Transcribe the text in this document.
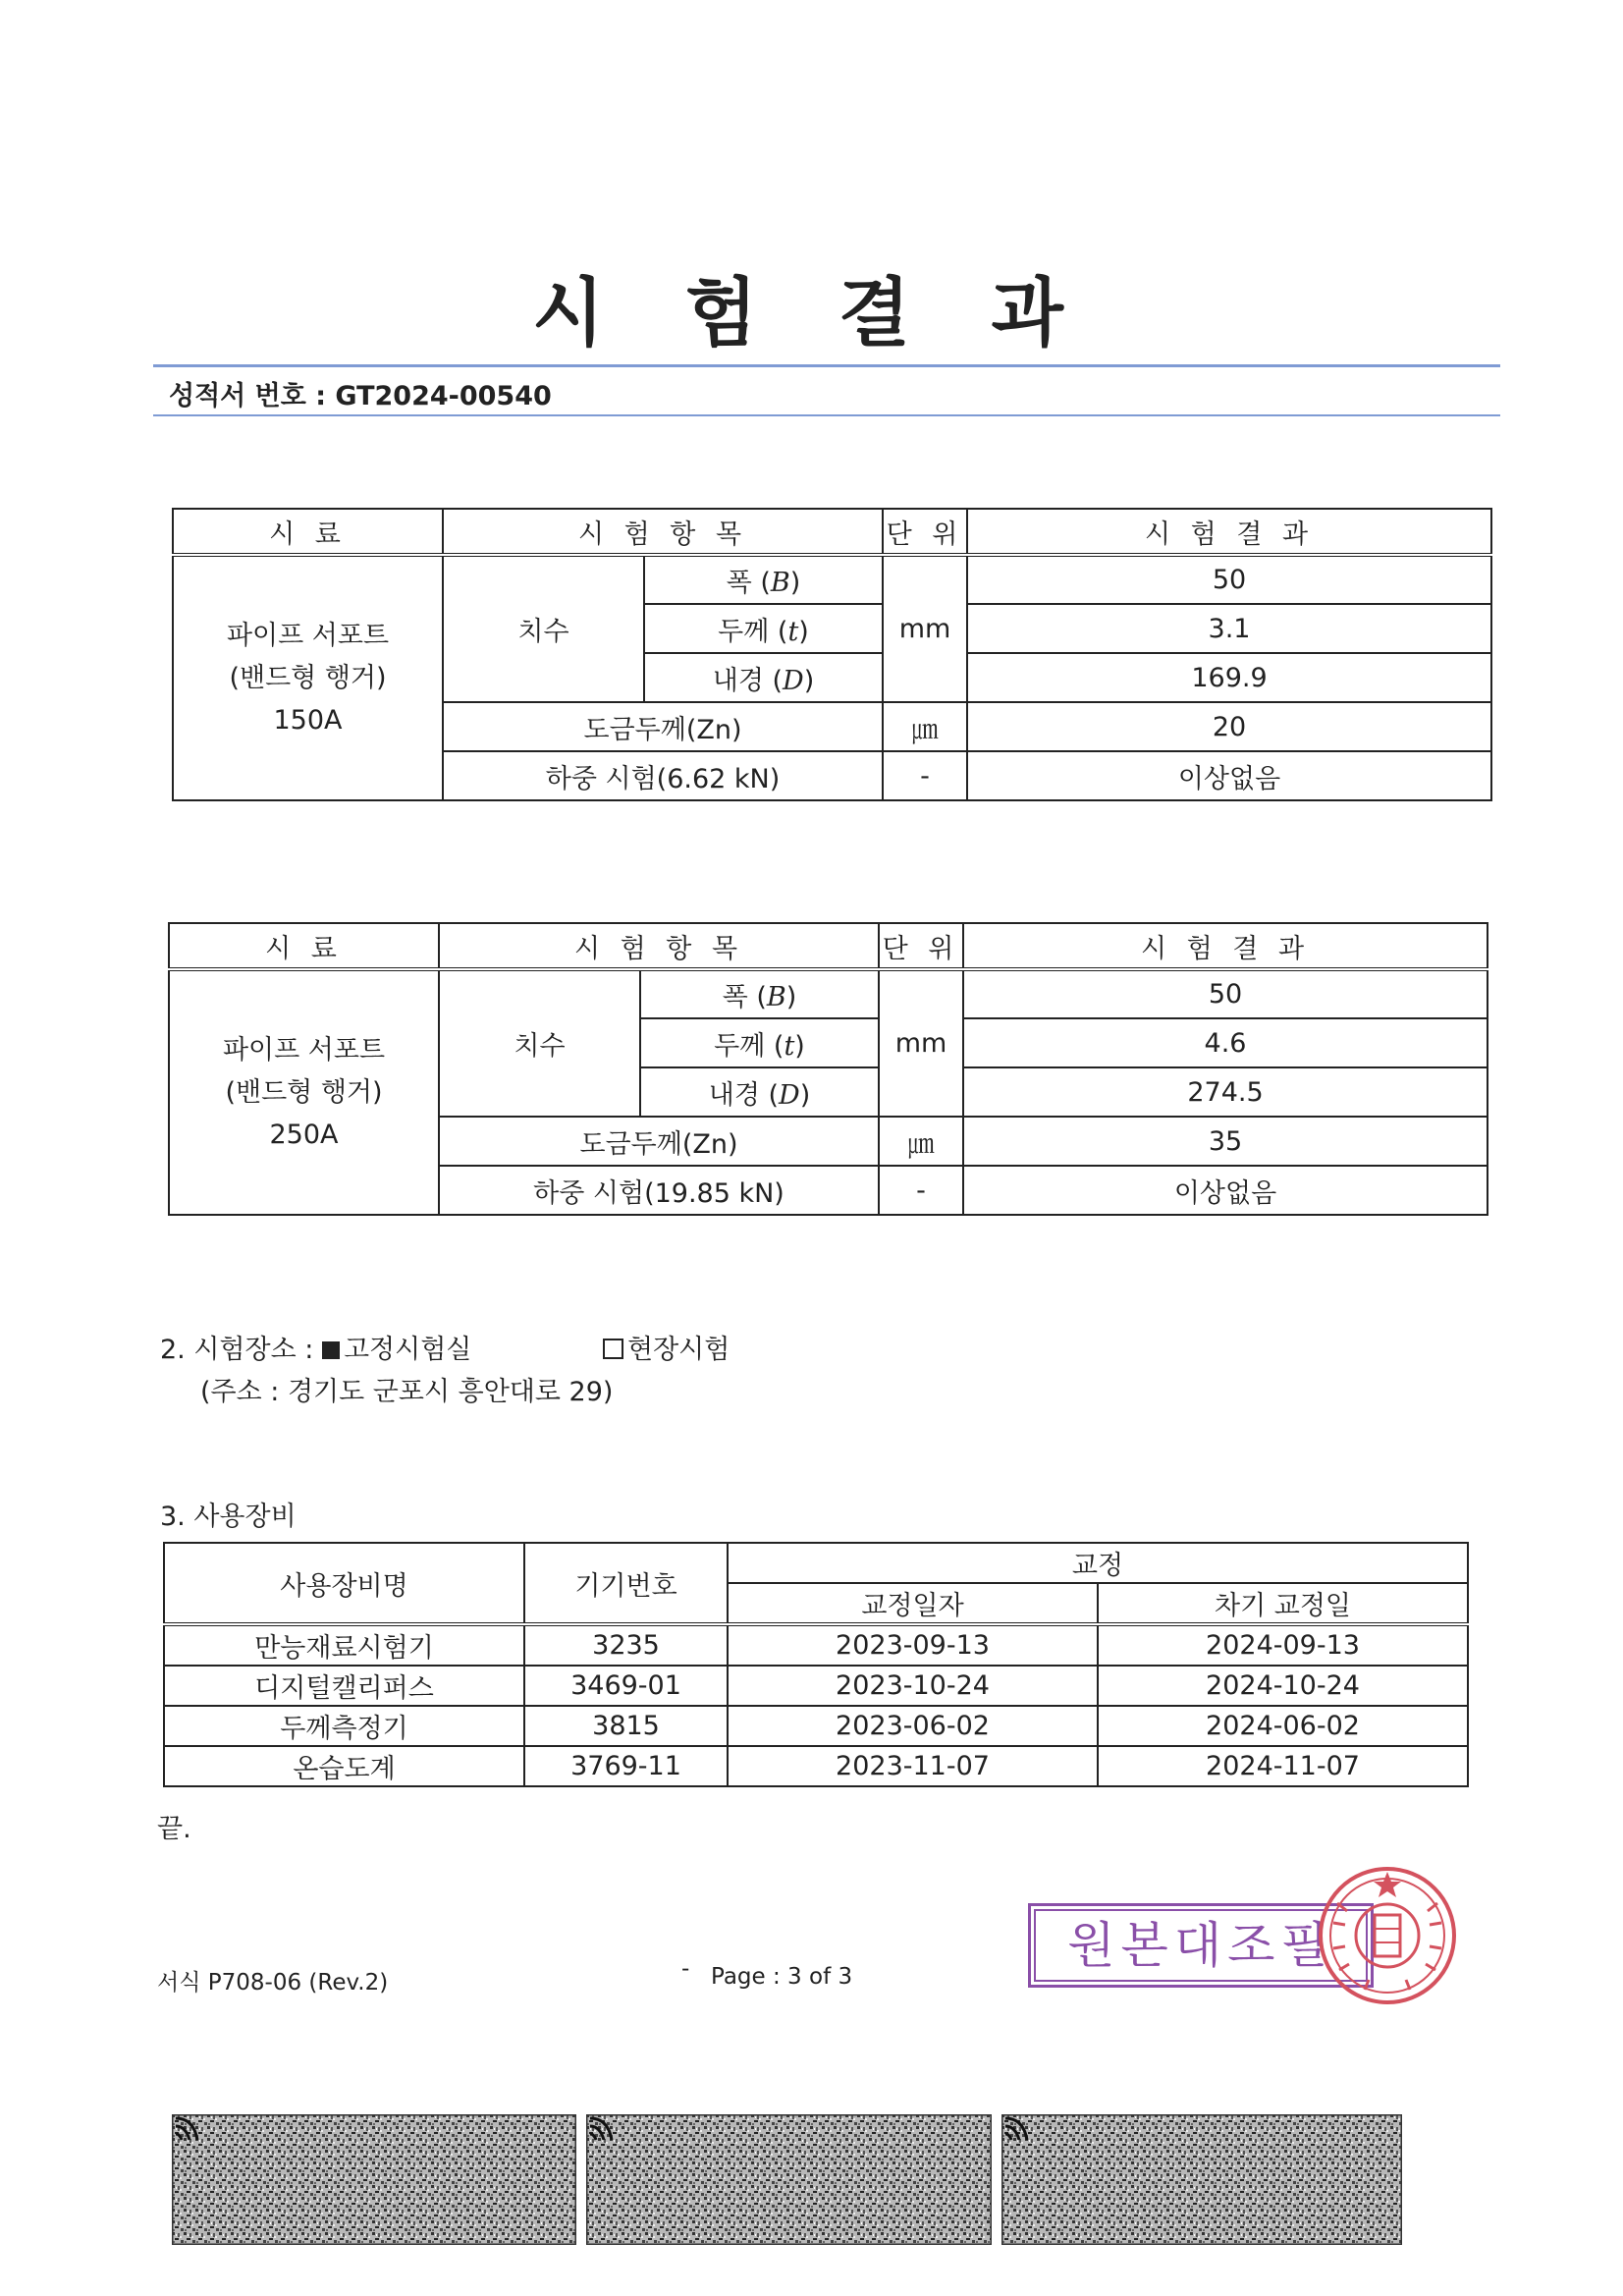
시 험 결 과
성적서 번호 : GT2024-00540
시 료	시 험 항 목		단 위	시 험 결 과

파이프 서포트
(밴드형 행거)
150A	치수	폭 (B)	mm	50
		두께 (t)		3.1
		내경 (D)		169.9
	도금두께(Zn)		㎛	20
	하중 시험(6.62 kN)		-	이상없음
시 료	시 험 항 목		단 위	시 험 결 과

파이프 서포트
(밴드형 행거)
250A	치수	폭 (B)	mm	50
		두께 (t)		4.6
		내경 (D)		274.5
	도금두께(Zn)		㎛	35
	하중 시험(19.85 kN)		-	이상없음
2. 시험장소 : 고정시험실	현장시험
(주소 : 경기도 군포시 흥안대로 29)
3. 사용장비
사용장비명	기기번호	교정	
		교정일자	차기 교정일
만능재료시험기	3235	2023-09-13	2024-09-13
디지털캘리퍼스	3469-01	2023-10-24	2024-10-24
두께측정기	3815	2023-06-02	2024-06-02
온습도계	3769-11	2023-11-07	2024-11-07
끝.
서식 P708-06 (Rev.2)
- Page : 3 of 3
원본대조필
